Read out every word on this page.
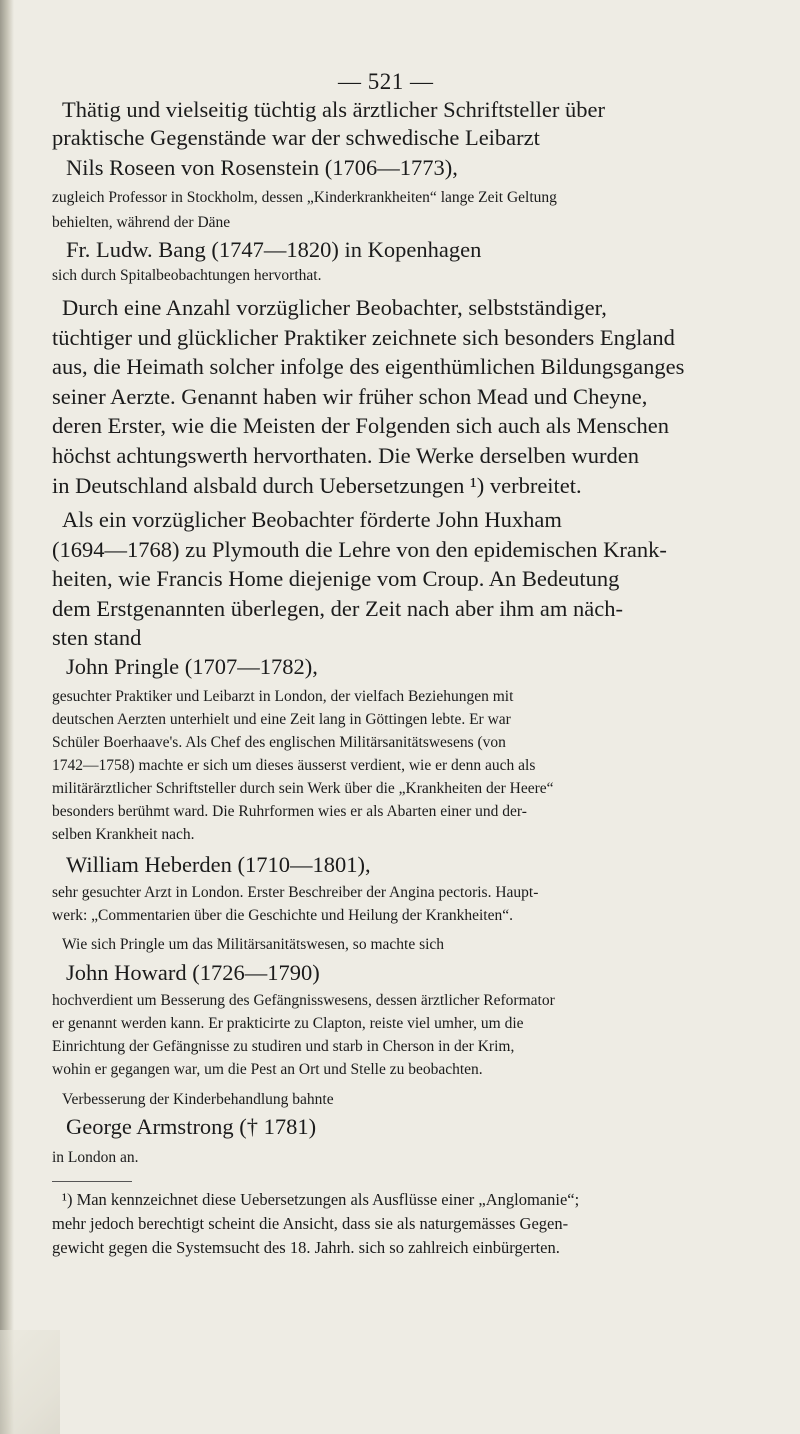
— 521 —
Thätig und vielseitig tüchtig als ärztlicher Schriftsteller über
praktische Gegenstände war der schwedische Leibarzt
Nils Roseen von Rosenstein (1706—1773),
zugleich Professor in Stockholm, dessen „Kinderkrankheiten“ lange Zeit Geltung
behielten, während der Däne
Fr. Ludw. Bang (1747—1820) in Kopenhagen
sich durch Spitalbeobachtungen hervorthat.
Durch eine Anzahl vorzüglicher Beobachter, selbstständiger,
tüchtiger und glücklicher Praktiker zeichnete sich besonders England
aus, die Heimath solcher infolge des eigenthümlichen Bildungsganges
seiner Aerzte. Genannt haben wir früher schon Mead und Cheyne,
deren Erster, wie die Meisten der Folgenden sich auch als Menschen
höchst achtungswerth hervorthaten. Die Werke derselben wurden
in Deutschland alsbald durch Uebersetzungen ¹) verbreitet.
Als ein vorzüglicher Beobachter förderte John Huxham
(1694—1768) zu Plymouth die Lehre von den epidemischen Krank-
heiten, wie Francis Home diejenige vom Croup. An Bedeutung
dem Erstgenannten überlegen, der Zeit nach aber ihm am näch-
sten stand
John Pringle (1707—1782),
gesuchter Praktiker und Leibarzt in London, der vielfach Beziehungen mit
deutschen Aerzten unterhielt und eine Zeit lang in Göttingen lebte. Er war
Schüler Boerhaave's. Als Chef des englischen Militärsanitätswesens (von
1742—1758) machte er sich um dieses äusserst verdient, wie er denn auch als
militärärztlicher Schriftsteller durch sein Werk über die „Krankheiten der Heere“
besonders berühmt ward. Die Ruhrformen wies er als Abarten einer und der-
selben Krankheit nach.
William Heberden (1710—1801),
sehr gesuchter Arzt in London. Erster Beschreiber der Angina pectoris. Haupt-
werk: „Commentarien über die Geschichte und Heilung der Krankheiten“.
Wie sich Pringle um das Militärsanitätswesen, so machte sich
John Howard (1726—1790)
hochverdient um Besserung des Gefängnisswesens, dessen ärztlicher Reformator
er genannt werden kann. Er prakticirte zu Clapton, reiste viel umher, um die
Einrichtung der Gefängnisse zu studiren und starb in Cherson in der Krim,
wohin er gegangen war, um die Pest an Ort und Stelle zu beobachten.
Verbesserung der Kinderbehandlung bahnte
George Armstrong († 1781)
in London an.
¹) Man kennzeichnet diese Uebersetzungen als Ausflüsse einer „Anglomanie“;
mehr jedoch berechtigt scheint die Ansicht, dass sie als naturgemässes Gegen-
gewicht gegen die Systemsucht des 18. Jahrh. sich so zahlreich einbürgerten.
